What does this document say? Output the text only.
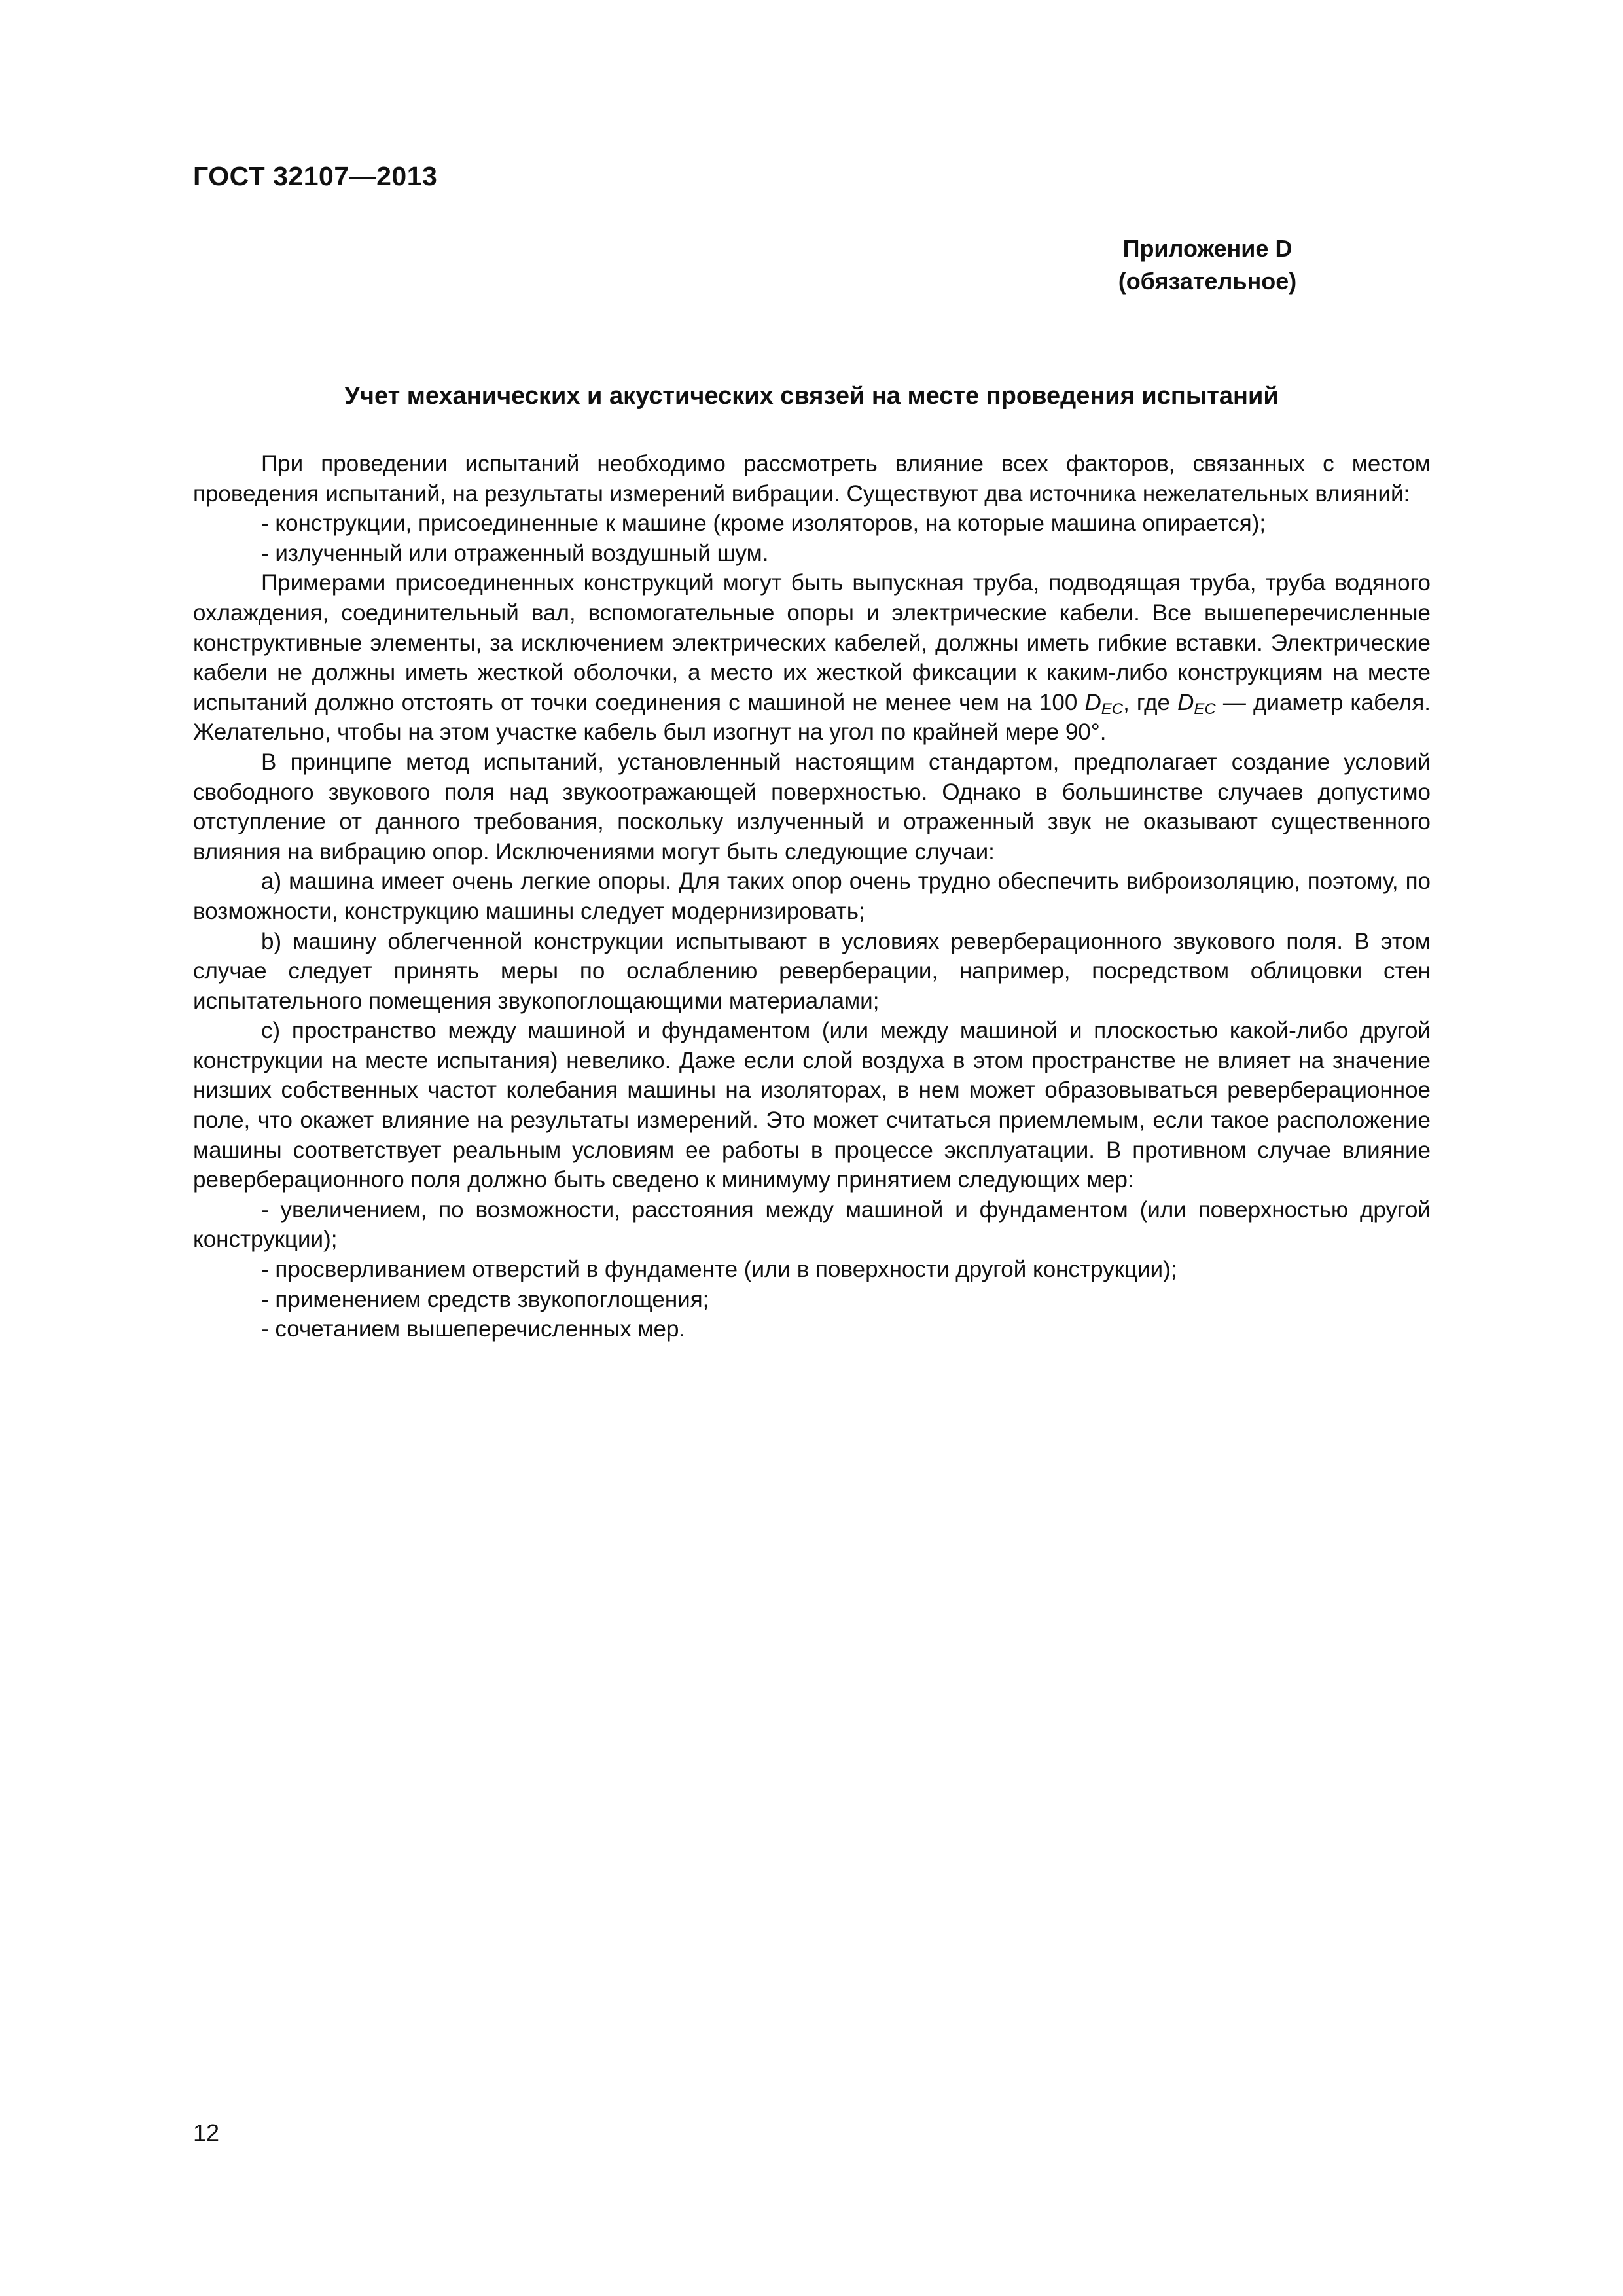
ГОСТ 32107—2013
Приложение D
(обязательное)
Учет механических и акустических связей на месте проведения испытаний

При проведении испытаний необходимо рассмотреть влияние всех факторов, связанных с местом проведения испытаний, на результаты измерений вибрации. Существуют два источника нежелательных влияний:

- конструкции, присоединенные к машине (кроме изоляторов, на которые машина опирается);

- излученный или отраженный воздушный шум.

Примерами присоединенных конструкций могут быть выпускная труба, подводящая труба, труба водяного охлаждения, соединительный вал, вспомогательные опоры и электрические кабели. Все вышеперечисленные конструктивные элементы, за исключением электрических кабелей, должны иметь гибкие вставки. Электрические кабели не должны иметь жесткой оболочки, а место их жесткой фиксации к каким-либо конструкциям на месте испытаний должно отстоять от точки соединения с машиной не менее чем на 100 $D_{EC}$, где $D_{EC}$ — диаметр кабеля. Желательно, чтобы на этом участке кабель был изогнут на угол по крайней мере 90°.

В принципе метод испытаний, установленный настоящим стандартом, предполагает создание условий свободного звукового поля над звукоотражающей поверхностью. Однако в большинстве случаев допустимо отступление от данного требования, поскольку излученный и отраженный звук не оказывают существенного влияния на вибрацию опор. Исключениями могут быть следующие случаи:

a) машина имеет очень легкие опоры. Для таких опор очень трудно обеспечить виброизоляцию, поэтому, по возможности, конструкцию машины следует модернизировать;

b) машину облегченной конструкции испытывают в условиях реверберационного звукового поля. В этом случае следует принять меры по ослаблению реверберации, например, посредством облицовки стен испытательного помещения звукопоглощающими материалами;

c) пространство между машиной и фундаментом (или между машиной и плоскостью какой-либо другой конструкции на месте испытания) невелико. Даже если слой воздуха в этом пространстве не влияет на значение низших собственных частот колебания машины на изоляторах, в нем может образовываться реверберационное поле, что окажет влияние на результаты измерений. Это может считаться приемлемым, если такое расположение машины соответствует реальным условиям ее работы в процессе эксплуатации. В противном случае влияние реверберационного поля должно быть сведено к минимуму принятием следующих мер:

- увеличением, по возможности, расстояния между машиной и фундаментом (или поверхностью другой конструкции);

- просверливанием отверстий в фундаменте (или в поверхности другой конструкции);

- применением средств звукопоглощения;

- сочетанием вышеперечисленных мер.

12
